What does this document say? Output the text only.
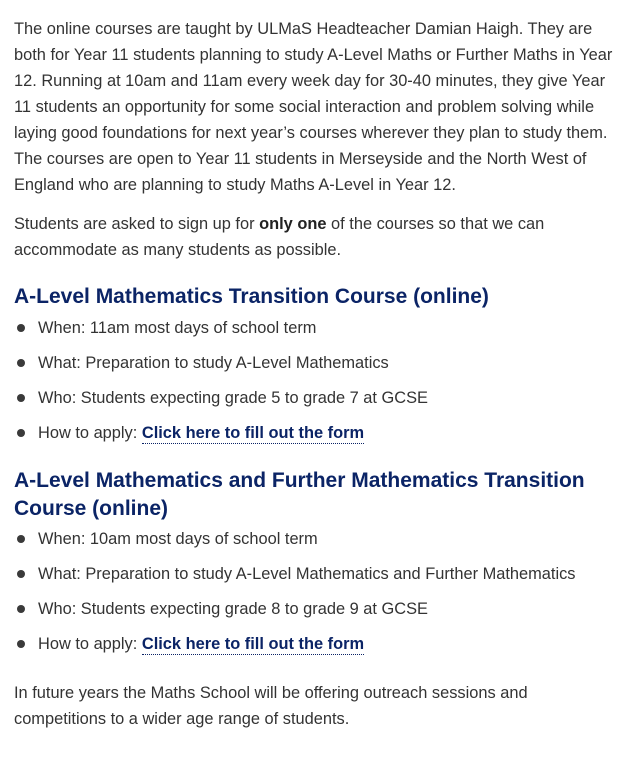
The online courses are taught by ULMaS Headteacher Damian Haigh. They are both for Year 11 students planning to study A-Level Maths or Further Maths in Year 12. Running at 10am and 11am every week day for 30-40 minutes, they give Year 11 students an opportunity for some social interaction and problem solving while laying good foundations for next year’s courses wherever they plan to study them. The courses are open to Year 11 students in Merseyside and the North West of England who are planning to study Maths A-Level in Year 12.

Students are asked to sign up for only one of the courses so that we can accommodate as many students as possible.

A-Level Mathematics Transition Course (online)
When: 11am most days of school term
What: Preparation to study A-Level Mathematics
Who: Students expecting grade 5 to grade 7 at GCSE
How to apply: Click here to fill out the form
A-Level Mathematics and Further Mathematics Transition Course (online)
When: 10am most days of school term
What: Preparation to study A-Level Mathematics and Further Mathematics
Who: Students expecting grade 8 to grade 9 at GCSE
How to apply: Click here to fill out the form

In future years the Maths School will be offering outreach sessions and competitions to a wider age range of students.
